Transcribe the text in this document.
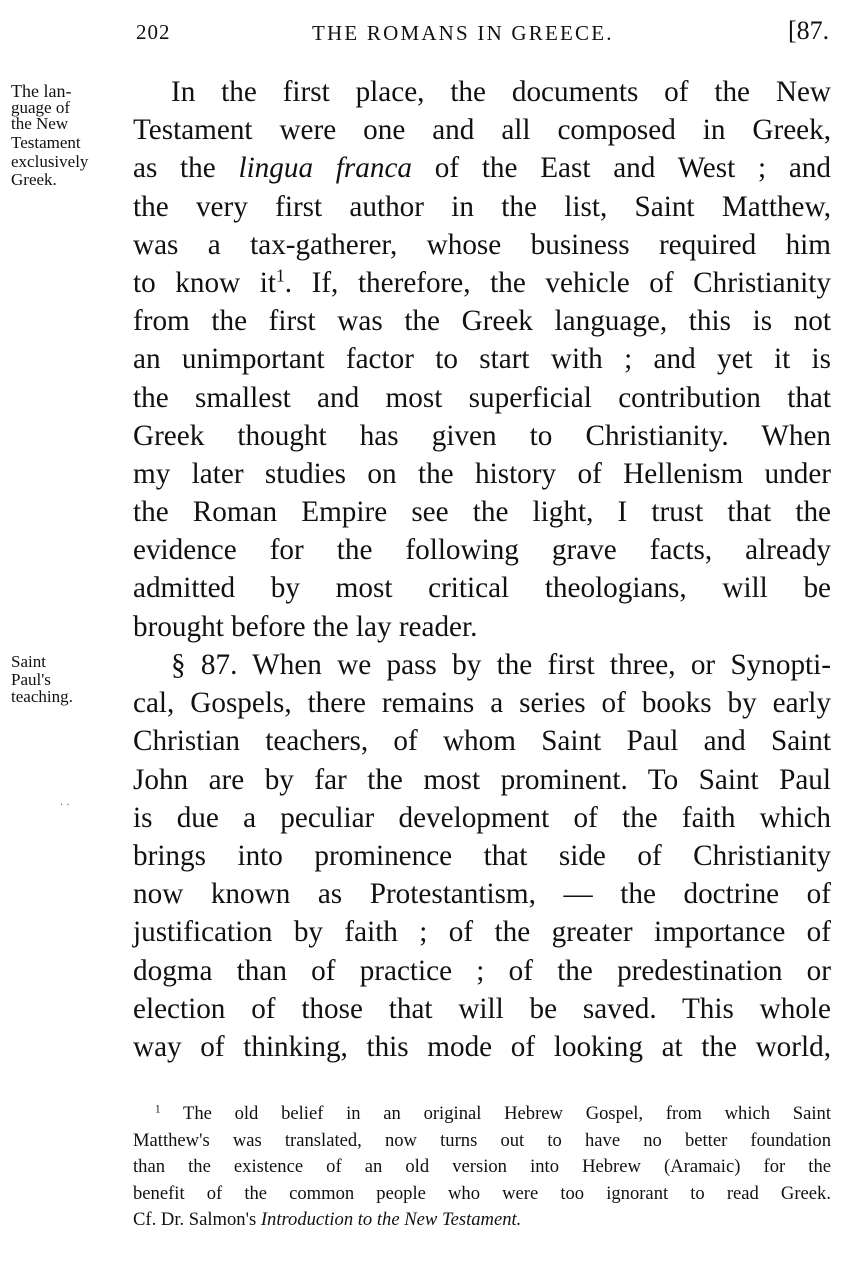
202	THE ROMANS IN GREECE.	[87.
The lan-
guage of
the New
Testament
exclusively
Greek.
Saint
Paul's
teaching.
· ·
In the first place, the documents of the New
Testament were one and all composed in Greek,
as the lingua franca of the East and West ; and
the very first author in the list, Saint Matthew,
was a tax-gatherer, whose business required him
to know $it^1$. If, therefore, the vehicle of Christianity
from the first was the Greek language, this is not
an unimportant factor to start with ; and yet it is
the smallest and most superficial contribution that
Greek thought has given to Christianity. When
my later studies on the history of Hellenism under
the Roman Empire see the light, I trust that the
evidence for the following grave facts, already
admitted by most critical theologians, will be
brought before the lay reader.
§ 87. When we pass by the first three, or Synopti-
cal, Gospels, there remains a series of books by early
Christian teachers, of whom Saint Paul and Saint
John are by far the most prominent. To Saint Paul
is due a peculiar development of the faith which
brings into prominence that side of Christianity
now known as Protestantism, — the doctrine of
justification by faith ; of the greater importance of
dogma than of practice ; of the predestination or
election of those that will be saved. This whole
way of thinking, this mode of looking at the world,
$^1$ The old belief in an original Hebrew Gospel, from which Saint
Matthew's was translated, now turns out to have no better foundation
than the existence of an old version into Hebrew (Aramaic) for the
benefit of the common people who were too ignorant to read Greek.
Cf. Dr. Salmon's Introduction to the New Testament.
